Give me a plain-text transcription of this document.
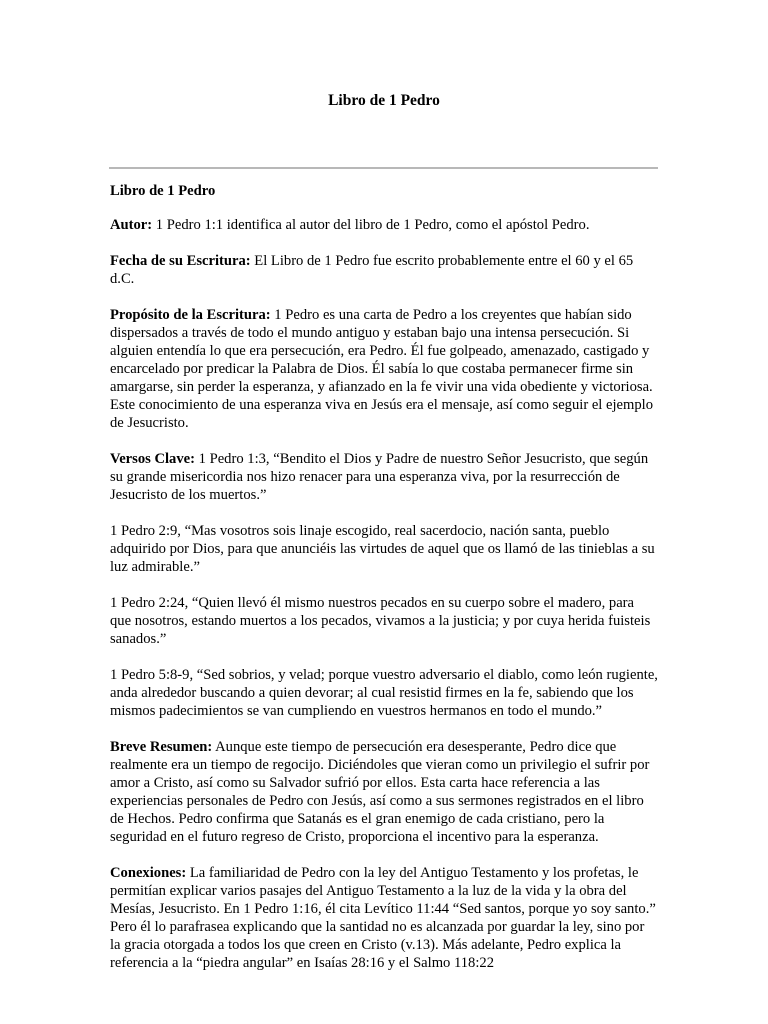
Libro de 1 Pedro

Libro de 1 Pedro

Autor: 1 Pedro 1:1 identifica al autor del libro de 1 Pedro, como el apóstol Pedro.

Fecha de su Escritura: El Libro de 1 Pedro fue escrito probablemente entre el 60 y el 65 d.C.

Propósito de la Escritura: 1 Pedro es una carta de Pedro a los creyentes que habían sido dispersados a través de todo el mundo antiguo y estaban bajo una intensa persecución. Si alguien entendía lo que era persecución, era Pedro. Él fue golpeado, amenazado, castigado y encarcelado por predicar la Palabra de Dios. Él sabía lo que costaba permanecer firme sin amargarse, sin perder la esperanza, y afianzado en la fe vivir una vida obediente y victoriosa. Este conocimiento de una esperanza viva en Jesús era el mensaje, así como seguir el ejemplo de Jesucristo.

Versos Clave: 1 Pedro 1:3, “Bendito el Dios y Padre de nuestro Señor Jesucristo, que según su grande misericordia nos hizo renacer para una esperanza viva, por la resurrección de Jesucristo de los muertos.”

1 Pedro 2:9, “Mas vosotros sois linaje escogido, real sacerdocio, nación santa, pueblo adquirido por Dios, para que anunciéis las virtudes de aquel que os llamó de las tinieblas a su luz admirable.”

1 Pedro 2:24, “Quien llevó él mismo nuestros pecados en su cuerpo sobre el madero, para que nosotros, estando muertos a los pecados, vivamos a la justicia; y por cuya herida fuisteis sanados.”

1 Pedro 5:8-9, “Sed sobrios, y velad; porque vuestro adversario el diablo, como león rugiente, anda alrededor buscando a quien devorar; al cual resistid firmes en la fe, sabiendo que los mismos padecimientos se van cumpliendo en vuestros hermanos en todo el mundo.”

Breve Resumen: Aunque este tiempo de persecución era desesperante, Pedro dice que realmente era un tiempo de regocijo. Diciéndoles que vieran como un privilegio el sufrir por amor a Cristo, así como su Salvador sufrió por ellos. Esta carta hace referencia a las experiencias personales de Pedro con Jesús, así como a sus sermones registrados en el libro de Hechos. Pedro confirma que Satanás es el gran enemigo de cada cristiano, pero la seguridad en el futuro regreso de Cristo, proporciona el incentivo para la esperanza.

Conexiones: La familiaridad de Pedro con la ley del Antiguo Testamento y los profetas, le permitían explicar varios pasajes del Antiguo Testamento a la luz de la vida y la obra del Mesías, Jesucristo. En 1 Pedro 1:16, él cita Levítico 11:44 “Sed santos, porque yo soy santo.” Pero él lo parafrasea explicando que la santidad no es alcanzada por guardar la ley, sino por la gracia otorgada a todos los que creen en Cristo (v.13). Más adelante, Pedro explica la referencia a la “piedra angular” en Isaías 28:16 y el Salmo 118:22
